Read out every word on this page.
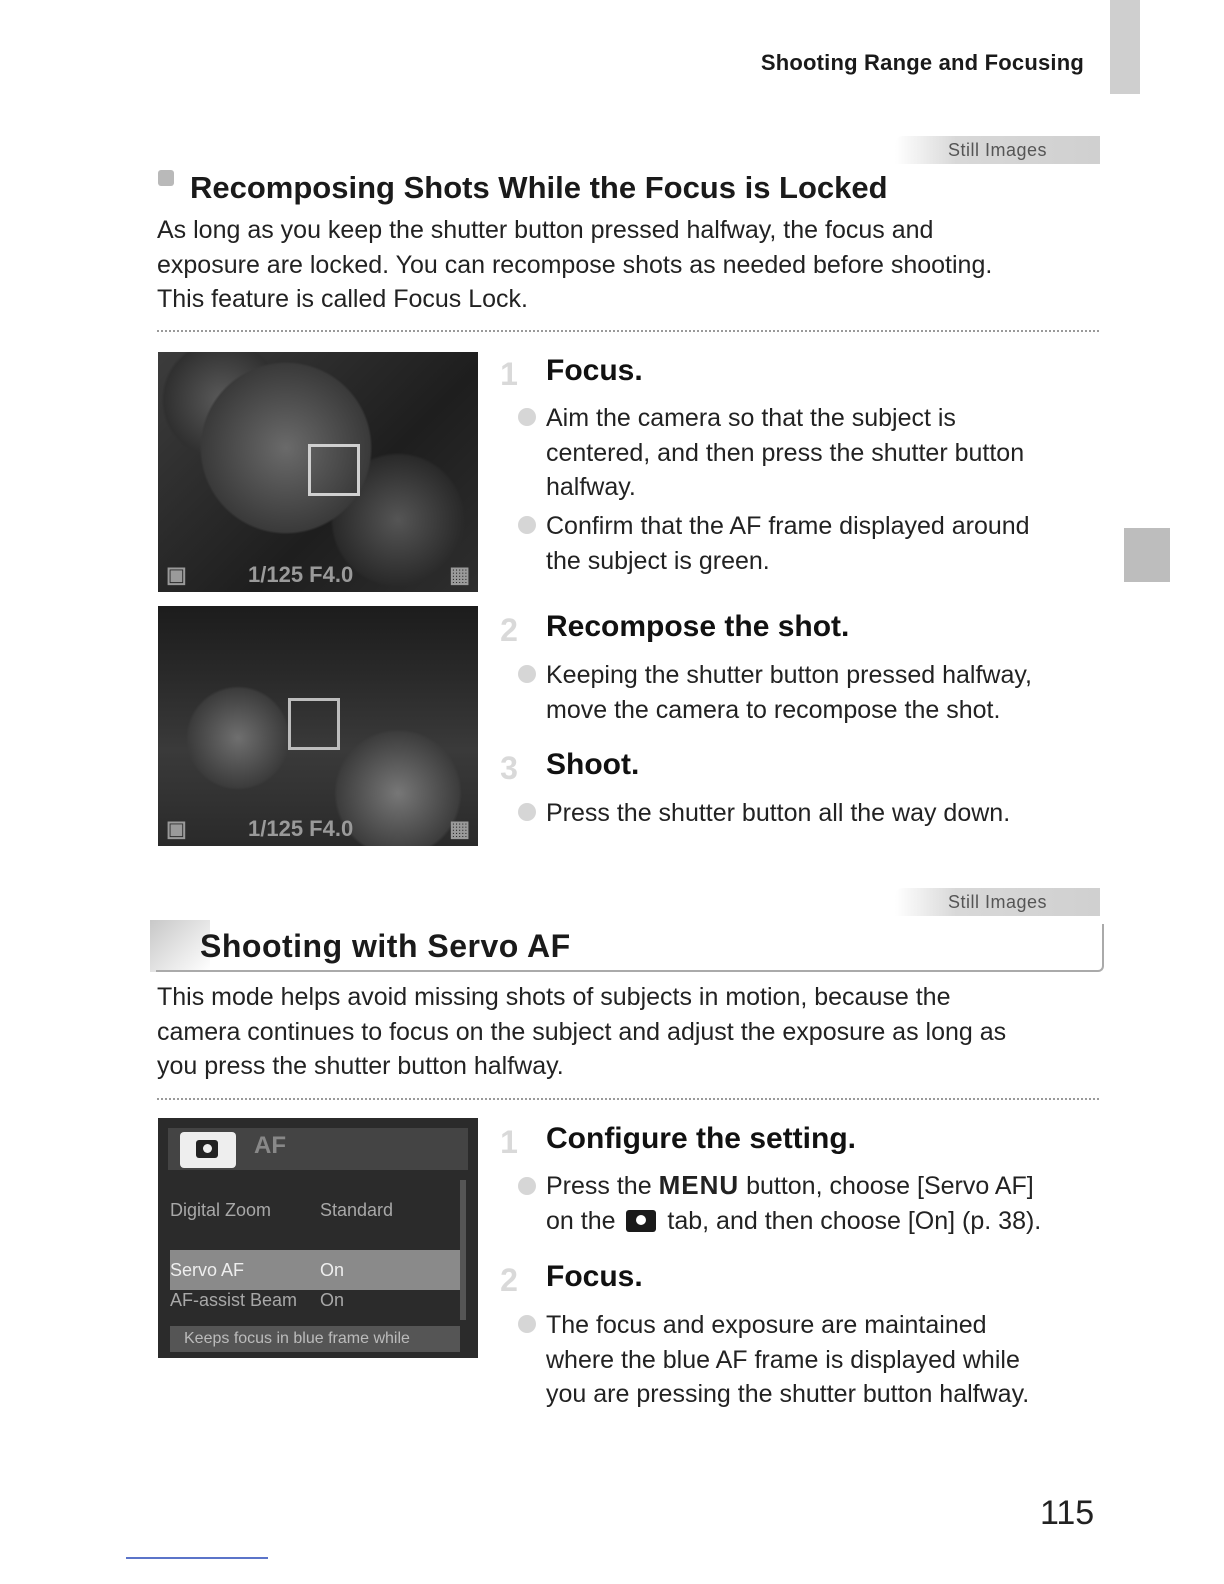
Shooting Range and Focusing
Still Images
Recomposing Shots While the Focus is Locked
As long as you keep the shutter button pressed halfway, the focus and
exposure are locked. You can recompose shots as needed before shooting.
This feature is called Focus Lock.
▣	1/125 F4.0	▦
▣	1/125 F4.0	▦
1 Focus.
Aim the camera so that the subject is
centered, and then press the shutter button
halfway.
Confirm that the AF frame displayed around
the subject is green.
2 Recompose the shot.
Keeping the shutter button pressed halfway,
move the camera to recompose the shot.
3 Shoot.
Press the shutter button all the way down.
Still Images
Shooting with Servo AF
This mode helps avoid missing shots of subjects in motion, because the
camera continues to focus on the subject and adjust the exposure as long as
you press the shutter button halfway.
AF
Digital Zoom	Standard
Servo AF	On
AF-assist Beam On
Keeps focus in blue frame while
1 Configure the setting.
Press the MENU button, choose [Servo AF]
on the  tab, and then choose [On] (p. 38).
2 Focus.
The focus and exposure are maintained
where the blue AF frame is displayed while
you are pressing the shutter button halfway.
115
